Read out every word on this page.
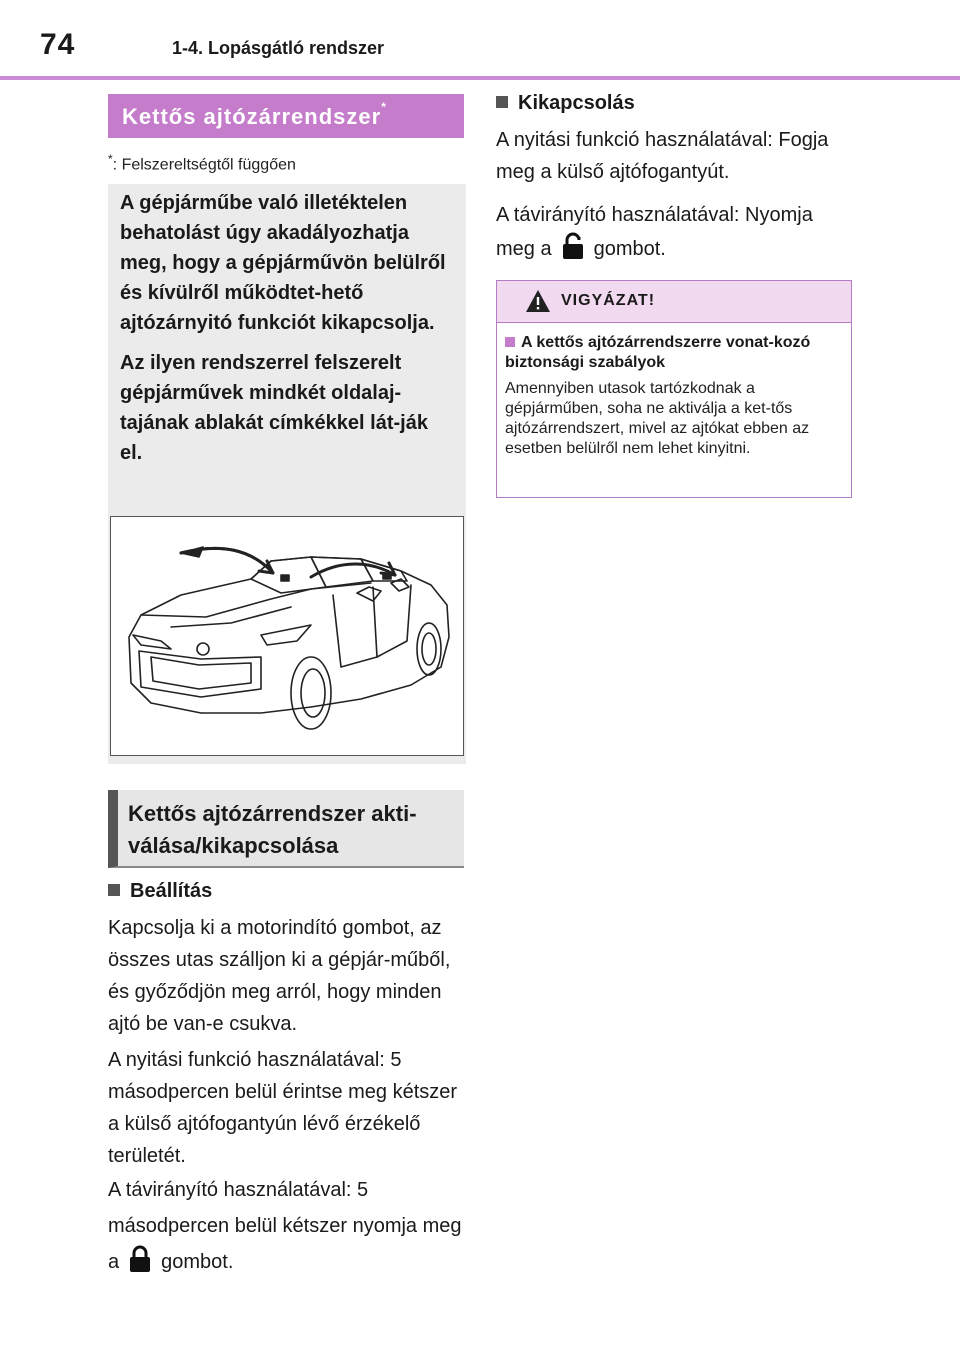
74	1-4. Lopásgátló rendszer
Kettős ajtózárrendszer*
*: Felszereltségtől függően

A gépjárműbe való illetéktelen behatolást úgy akadályozhatja meg, hogy a gépjárművön belülről és kívülről működtet-hető ajtózárnyitó funkciót kikapcsolja.

Az ilyen rendszerrel felszerelt gépjárművek mindkét oldalaj-tajának ablakát címkékkel lát-ják el.

Kettős ajtózárrendszer akti-válása/kikapcsolása
Beállítás
Kapcsolja ki a motorindító gombot, az összes utas szálljon ki a gépjár-műből, és győződjön meg arról, hogy minden ajtó be van-e csukva.
A nyitási funkció használatával: 5 másodpercen belül érintse meg kétszer a külső ajtófogantyún lévő érzékelő területét.
A távirányító használatával: 5 másodpercen belül kétszer nyomja meg a gombot.
Kikapcsolás
A nyitási funkció használatával: Fogja meg a külső ajtófogantyút.
A távirányító használatával: Nyomja meg a gombot.
VIGYÁZAT!
A kettős ajtózárrendszerre vonat-kozó biztonsági szabályok
Amennyiben utasok tartózkodnak a gépjárműben, soha ne aktiválja a ket-tős ajtózárrendszert, mivel az ajtókat ebben az esetben belülről nem lehet kinyitni.
